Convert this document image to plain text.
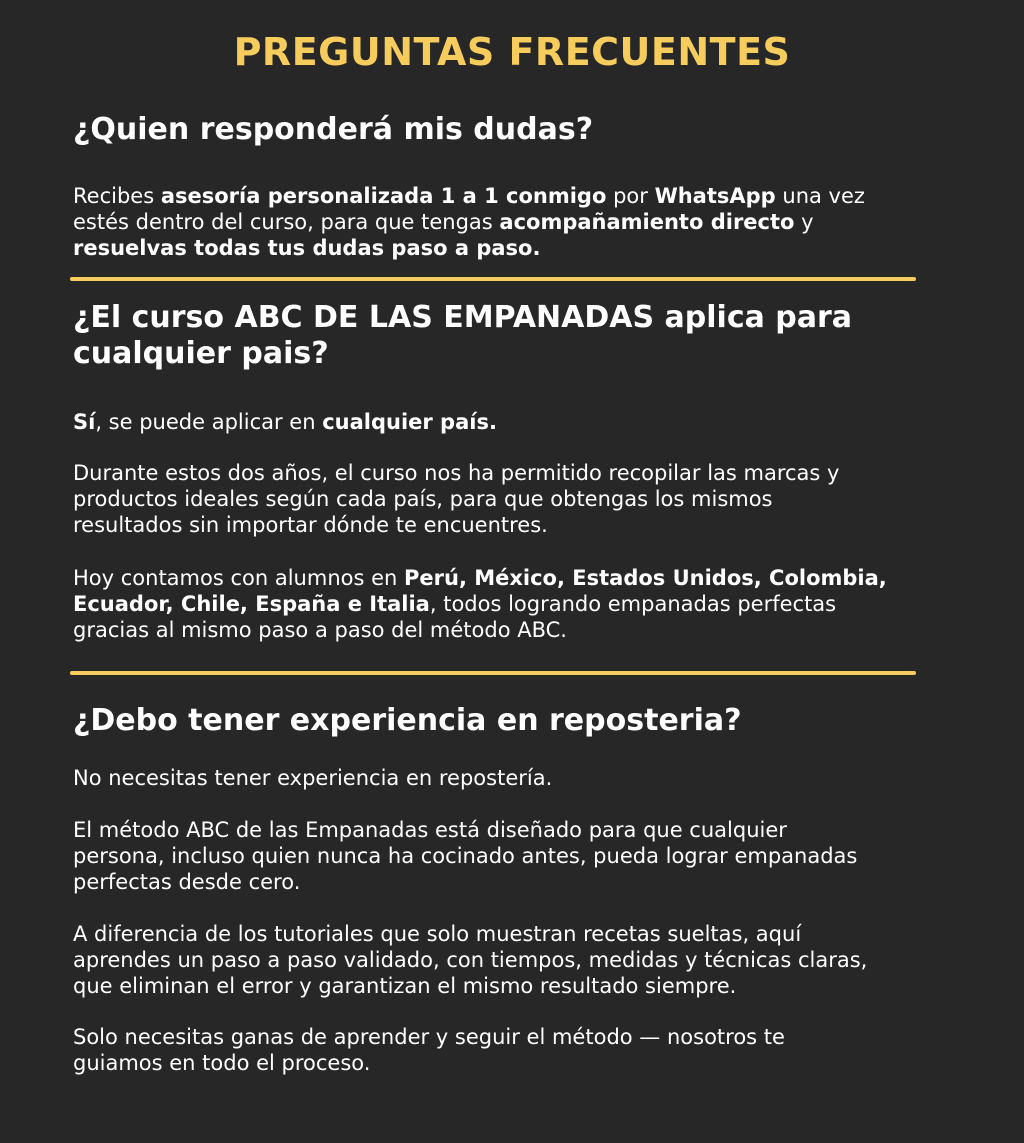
PREGUNTAS FRECUENTES
¿Quien responderá mis dudas?

Recibes asesoría personalizada 1 a 1 conmigo por WhatsApp una vez
estés dentro del curso, para que tengas acompañamiento directo y
resuelvas todas tus dudas paso a paso.

¿El curso ABC DE LAS EMPANADAS aplica para
cualquier pais?

Sí, se puede aplicar en cualquier país.

Durante estos dos años, el curso nos ha permitido recopilar las marcas y
productos ideales según cada país, para que obtengas los mismos
resultados sin importar dónde te encuentres.

Hoy contamos con alumnos en Perú, México, Estados Unidos, Colombia,
Ecuador, Chile, España e Italia, todos logrando empanadas perfectas
gracias al mismo paso a paso del método ABC.

¿Debo tener experiencia en reposteria?

No necesitas tener experiencia en repostería.

El método ABC de las Empanadas está diseñado para que cualquier
persona, incluso quien nunca ha cocinado antes, pueda lograr empanadas
perfectas desde cero.

A diferencia de los tutoriales que solo muestran recetas sueltas, aquí
aprendes un paso a paso validado, con tiempos, medidas y técnicas claras,
que eliminan el error y garantizan el mismo resultado siempre.

Solo necesitas ganas de aprender y seguir el método — nosotros te
guiamos en todo el proceso.
